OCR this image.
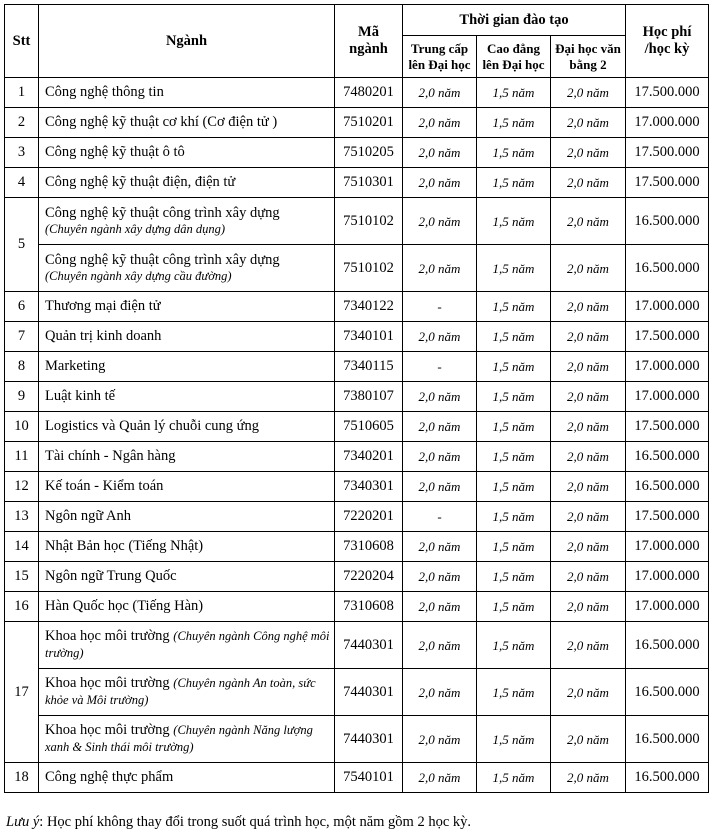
Stt	Ngành	Mã ngành	Thời gian đào tạo			Học phí /học kỳ
			Trung cấp lên Đại học	Cao đẳng lên Đại học	Đại học văn bằng 2	
1	Công nghệ thông tin	7480201	2,0 năm	1,5 năm	2,0 năm	17.500.000
2	Công nghệ kỹ thuật cơ khí (Cơ điện tử )	7510201	2,0 năm	1,5 năm	2,0 năm	17.000.000
3	Công nghệ kỹ thuật ô tô	7510205	2,0 năm	1,5 năm	2,0 năm	17.500.000
4	Công nghệ kỹ thuật điện, điện tử	7510301	2,0 năm	1,5 năm	2,0 năm	17.500.000
5	Công nghệ kỹ thuật công trình xây dựng
(Chuyên ngành xây dựng dân dụng)	7510102	2,0 năm	1,5 năm	2,0 năm	16.500.000
	Công nghệ kỹ thuật công trình xây dựng
(Chuyên ngành xây dựng cầu đường)	7510102	2,0 năm	1,5 năm	2,0 năm	16.500.000
6	Thương mại điện tử	7340122	-	1,5 năm	2,0 năm	17.000.000
7	Quản trị kinh doanh	7340101	2,0 năm	1,5 năm	2,0 năm	17.500.000
8	Marketing	7340115	-	1,5 năm	2,0 năm	17.000.000
9	Luật kinh tế	7380107	2,0 năm	1,5 năm	2,0 năm	17.000.000
10	Logistics và Quản lý chuỗi cung ứng	7510605	2,0 năm	1,5 năm	2,0 năm	17.500.000
11	Tài chính - Ngân hàng	7340201	2,0 năm	1,5 năm	2,0 năm	16.500.000
12	Kế toán - Kiểm toán	7340301	2,0 năm	1,5 năm	2,0 năm	16.500.000
13	Ngôn ngữ Anh	7220201	-	1,5 năm	2,0 năm	17.500.000
14	Nhật Bản học (Tiếng Nhật)	7310608	2,0 năm	1,5 năm	2,0 năm	17.000.000
15	Ngôn ngữ Trung Quốc	7220204	2,0 năm	1,5 năm	2,0 năm	17.000.000
16	Hàn Quốc học (Tiếng Hàn)	7310608	2,0 năm	1,5 năm	2,0 năm	17.000.000
17	Khoa học môi trường (Chuyên ngành Công nghệ môi trường)	7440301	2,0 năm	1,5 năm	2,0 năm	16.500.000
	Khoa học môi trường (Chuyên ngành An toàn, sức khỏe và Môi trường)	7440301	2,0 năm	1,5 năm	2,0 năm	16.500.000
	Khoa học môi trường (Chuyên ngành Năng lượng xanh & Sinh thái môi trường)	7440301	2,0 năm	1,5 năm	2,0 năm	16.500.000
18	Công nghệ thực phẩm	7540101	2,0 năm	1,5 năm	2,0 năm	16.500.000
Lưu ý: Học phí không thay đổi trong suốt quá trình học, một năm gồm 2 học kỳ.
